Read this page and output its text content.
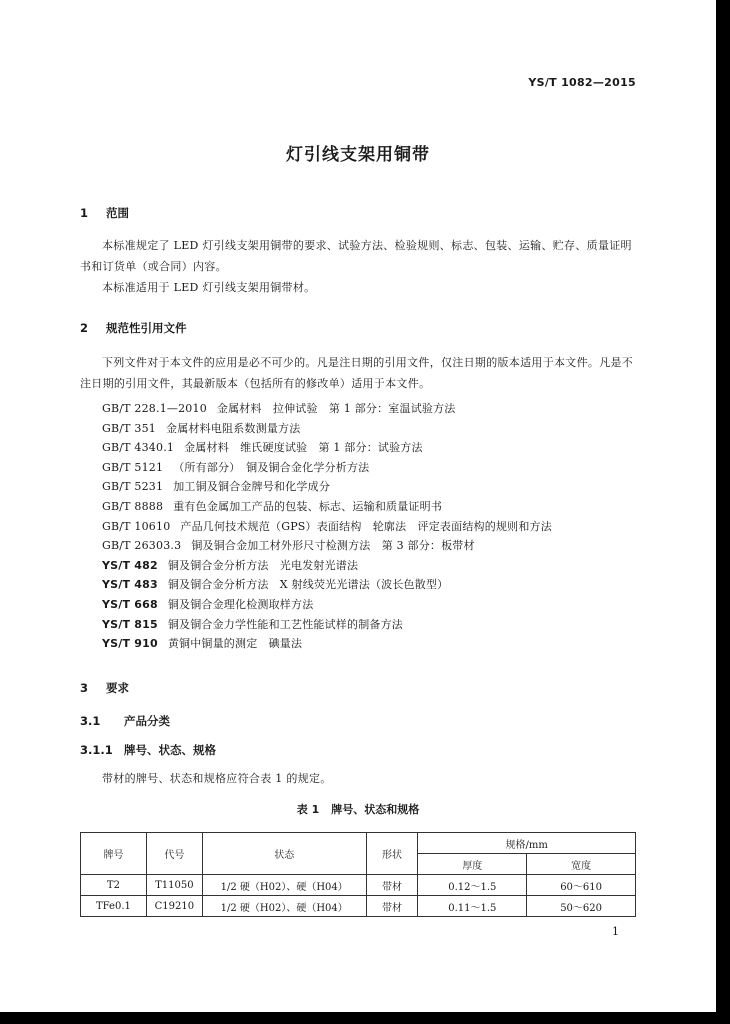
YS/T 1082—2015
灯引线支架用铜带
1 范围
本标准规定了 LED 灯引线支架用铜带的要求、试验方法、检验规则、标志、包装、运输、贮存、质量证明书和订货单（或合同）内容。
本标准适用于 LED 灯引线支架用铜带材。
2 规范性引用文件
下列文件对于本文件的应用是必不可少的。凡是注日期的引用文件，仅注日期的版本适用于本文件。凡是不注日期的引用文件，其最新版本（包括所有的修改单）适用于本文件。
GB/T 228.1—2010 金属材料　拉伸试验　第 1 部分：室温试验方法
GB/T 351 金属材料电阻系数测量方法
GB/T 4340.1 金属材料　维氏硬度试验　第 1 部分：试验方法
GB/T 5121 （所有部分）　铜及铜合金化学分析方法
GB/T 5231 加工铜及铜合金牌号和化学成分
GB/T 8888 重有色金属加工产品的包装、标志、运输和质量证明书
GB/T 10610 产品几何技术规范（GPS）表面结构　轮廓法　评定表面结构的规则和方法
GB/T 26303.3 铜及铜合金加工材外形尺寸检测方法　第 3 部分：板带材
YS/T 482 铜及铜合金分析方法　光电发射光谱法
YS/T 483 铜及铜合金分析方法　X 射线荧光光谱法（波长色散型）
YS/T 668 铜及铜合金理化检测取样方法
YS/T 815 铜及铜合金力学性能和工艺性能试样的制备方法
YS/T 910 黄铜中铜量的测定　碘量法
3 要求
3.1 产品分类
3.1.1 牌号、状态、规格
带材的牌号、状态和规格应符合表 1 的规定。
表 1 牌号、状态和规格
牌号	代号	状态	形状	规格/mm	
				厚度	宽度
T2	T11050	1/2 硬（H02）、硬（H04）	带材	0.12～1.5	60～610
TFe0.1	C19210	1/2 硬（H02）、硬（H04）	带材	0.11～1.5	50～620
1
